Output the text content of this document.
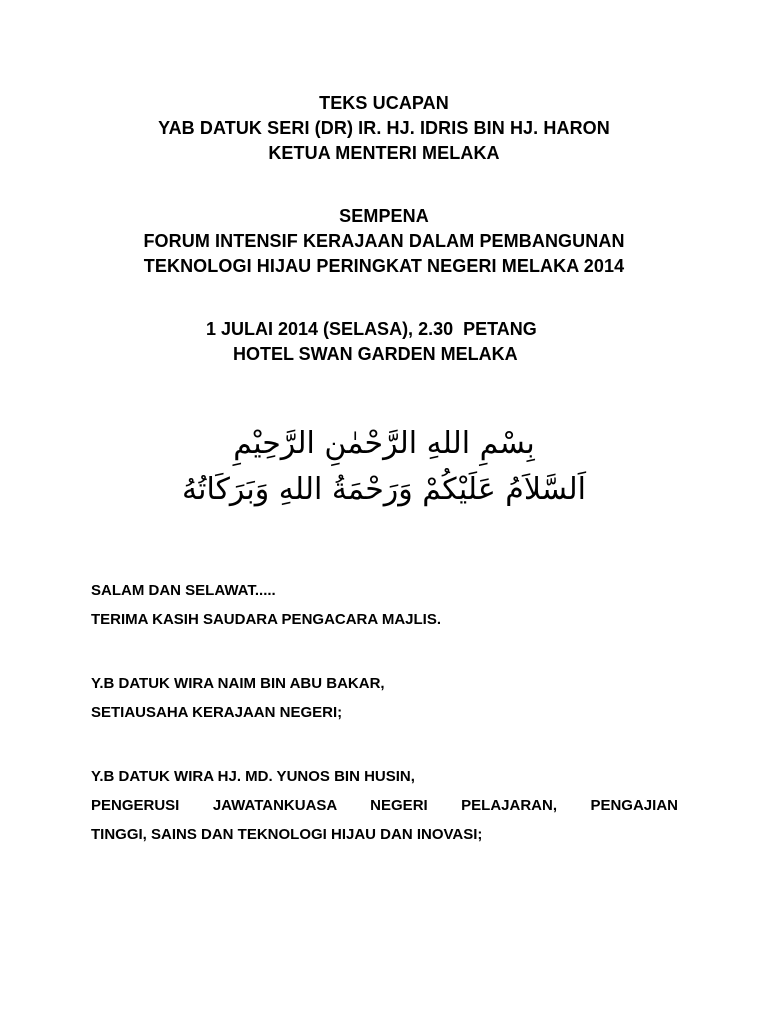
TEKS UCAPAN
YAB DATUK SERI (DR) IR. HJ. IDRIS BIN HJ. HARON
KETUA MENTERI MELAKA
SEMPENA
FORUM INTENSIF KERAJAAN DALAM PEMBANGUNAN
TEKNOLOGI HIJAU PERINGKAT NEGERI MELAKA 2014
1 JULAI 2014 (SELASA), 2.30  PETANG
HOTEL SWAN GARDEN MELAKA
بِسْمِ اللهِ الرَّحْمٰنِ الرَّحِيْمِ
اَلسَّلاَمُ عَلَيْكُمْ وَرَحْمَةُ اللهِ وَبَرَكَاتُهُ
SALAM DAN SELAWAT.....
TERIMA KASIH SAUDARA PENGACARA MAJLIS.
Y.B DATUK WIRA NAIM BIN ABU BAKAR,
SETIAUSAHA KERAJAAN NEGERI;
Y.B DATUK WIRA HJ. MD. YUNOS BIN HUSIN,
PENGERUSI JAWATANKUASA NEGERI PELAJARAN, PENGAJIAN
TINGGI, SAINS DAN TEKNOLOGI HIJAU DAN INOVASI;
